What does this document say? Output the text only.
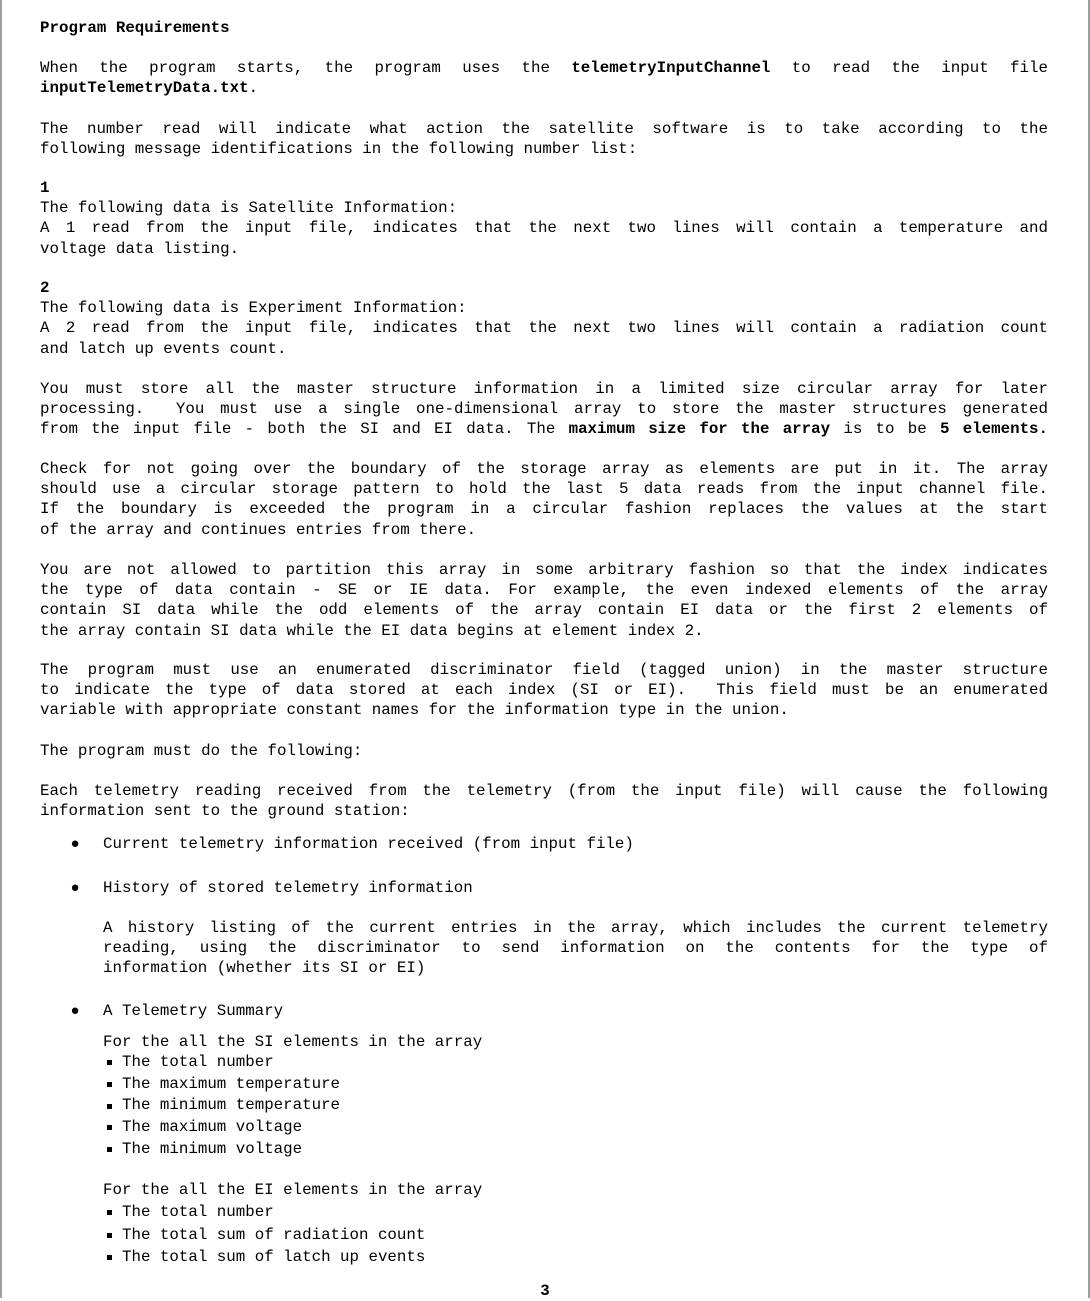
Program Requirements
When the program starts, the program uses the telemetryInputChannel to read the input file
inputTelemetryData.txt.
The number read will indicate what action the satellite software is to take according to the
following message identifications in the following number list:
1
The following data is Satellite Information:
A 1 read from the input file, indicates that the next two lines will contain a temperature and
voltage data listing.
2
The following data is Experiment Information:
A 2 read from the input file, indicates that the next two lines will contain a radiation count
and latch up events count.
You must store all the master structure information in a limited size circular array for later
processing.  You must use a single one-dimensional array to store the master structures generated
from the input file - both the SI and EI data. The maximum size for the array is to be 5 elements.
Check for not going over the boundary of the storage array as elements are put in it. The array
should use a circular storage pattern to hold the last 5 data reads from the input channel file.
If the boundary is exceeded the program in a circular fashion replaces the values at the start
of the array and continues entries from there.
You are not allowed to partition this array in some arbitrary fashion so that the index indicates
the type of data contain - SE or IE data. For example, the even indexed elements of the array
contain SI data while the odd elements of the array contain EI data or the first 2 elements of
the array contain SI data while the EI data begins at element index 2.
The program must use an enumerated discriminator field (tagged union) in the master structure
to indicate the type of data stored at each index (SI or EI).  This field must be an enumerated
variable with appropriate constant names for the information type in the union.
The program must do the following:
Each telemetry reading received from the telemetry (from the input file) will cause the following
information sent to the ground station:
● Current telemetry information received (from input file)
● History of stored telemetry information
A history listing of the current entries in the array, which includes the current telemetry
reading, using the discriminator to send information on the contents for the type of
information (whether its SI or EI)
● A Telemetry Summary
For the all the SI elements in the array
The total number
The maximum temperature
The minimum temperature
The maximum voltage
The minimum voltage
For the all the EI elements in the array
The total number
The total sum of radiation count
The total sum of latch up events
3
